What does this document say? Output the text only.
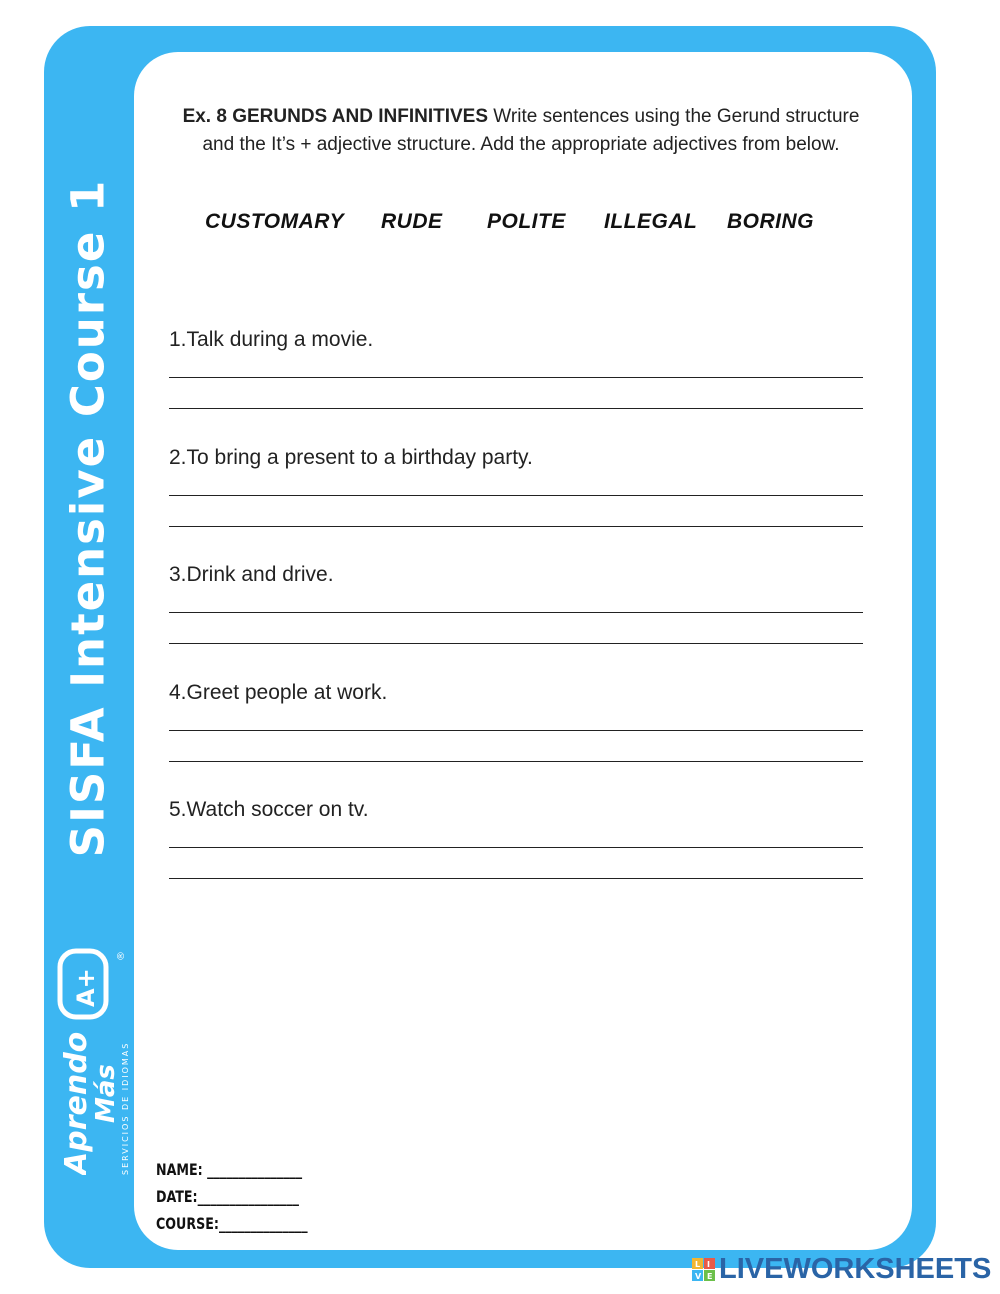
SISFA Intensive Course 1
Aprendo
Más SERVICIOS DE IDIOMAS
A+
®
Ex. 8 GERUNDS AND INFINITIVES Write sentences using the Gerund structure and the It’s + adjective structure. Add the appropriate adjectives from below.
CUSTOMARY RUDE POLITE ILLEGAL BORING
1.Talk during a movie.
2.To bring a present to a birthday party.
3.Drink and drive.
4.Greet people at work.
5.Watch soccer on tv.
NAME: _______________
DATE:________________
COURSE:______________
L I
V E LIVEWORKSHEETS
